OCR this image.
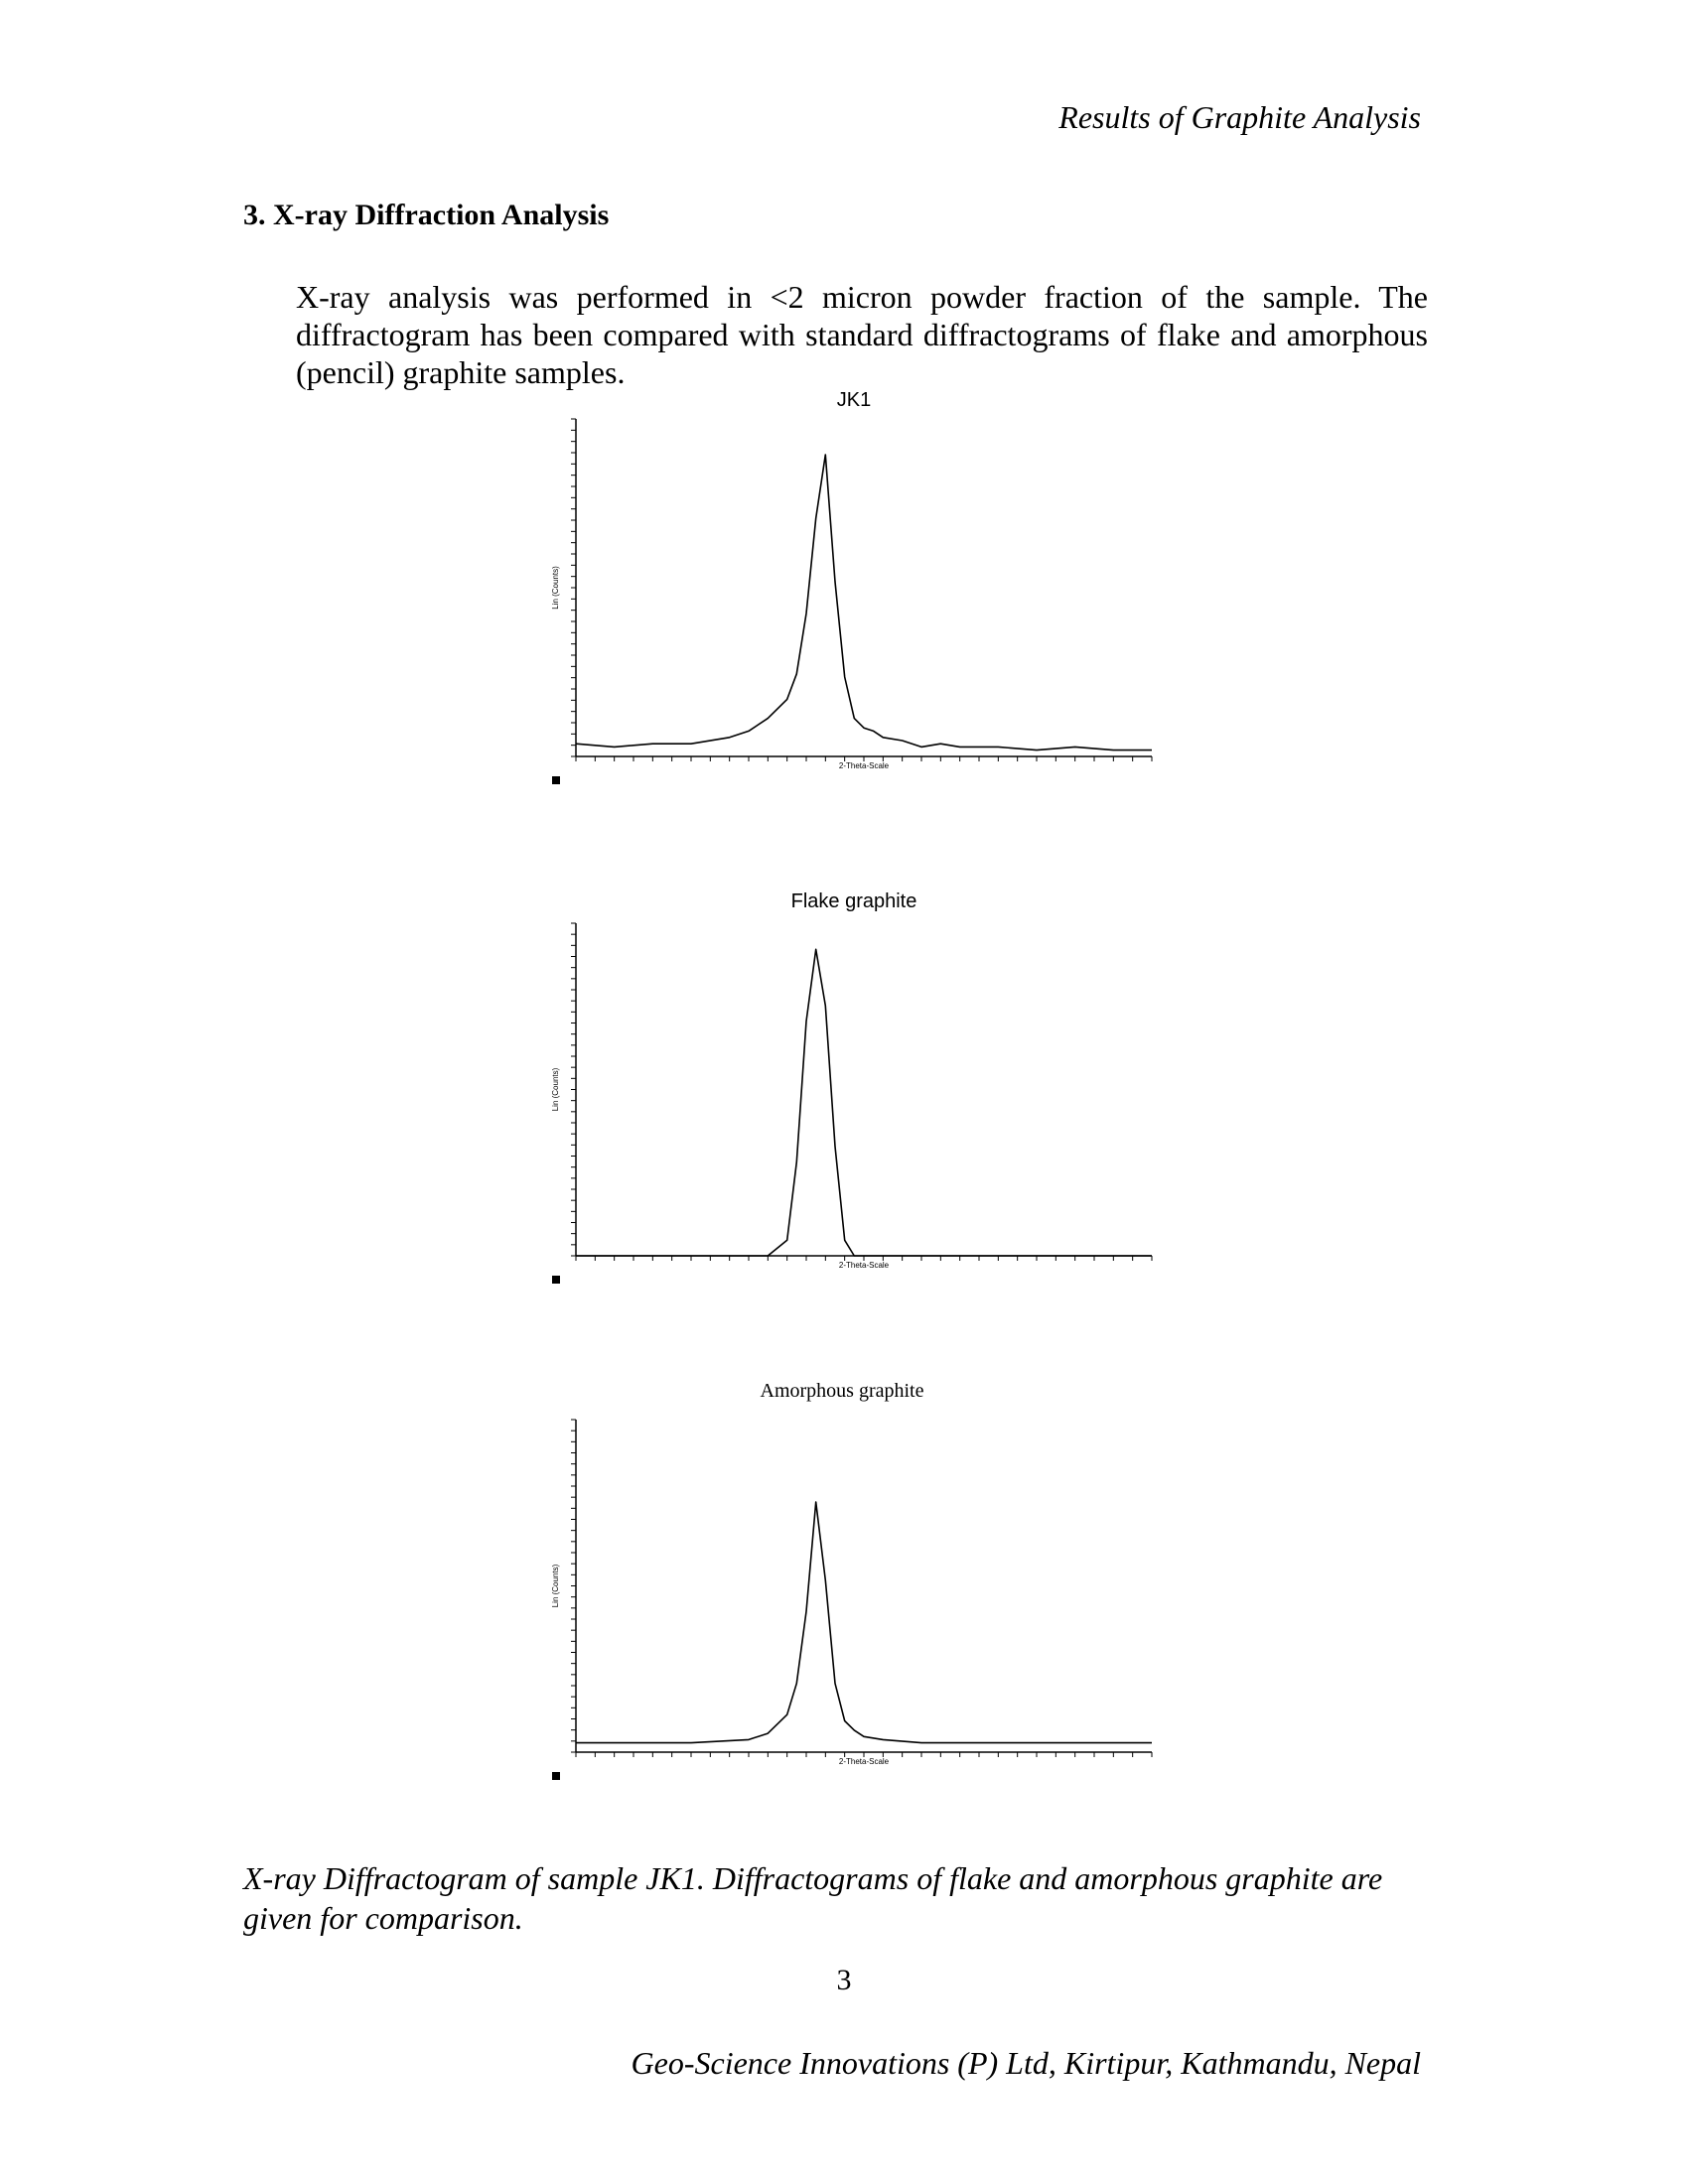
Results of Graphite Analysis
3. X-ray Diffraction Analysis
X-ray analysis was performed in <2 micron powder fraction of the sample. The diffractogram has been compared with standard diffractograms of flake and amorphous (pencil) graphite samples.
JK1
2-Theta-Scale
Lin (Counts)
Flake graphite
2-Theta-Scale
Lin (Counts)
Amorphous graphite
2-Theta-Scale
Lin (Counts)
X-ray Diffractogram of sample JK1. Diffractograms of flake and amorphous graphite are given for comparison.
3
Geo-Science Innovations (P) Ltd, Kirtipur, Kathmandu, Nepal
